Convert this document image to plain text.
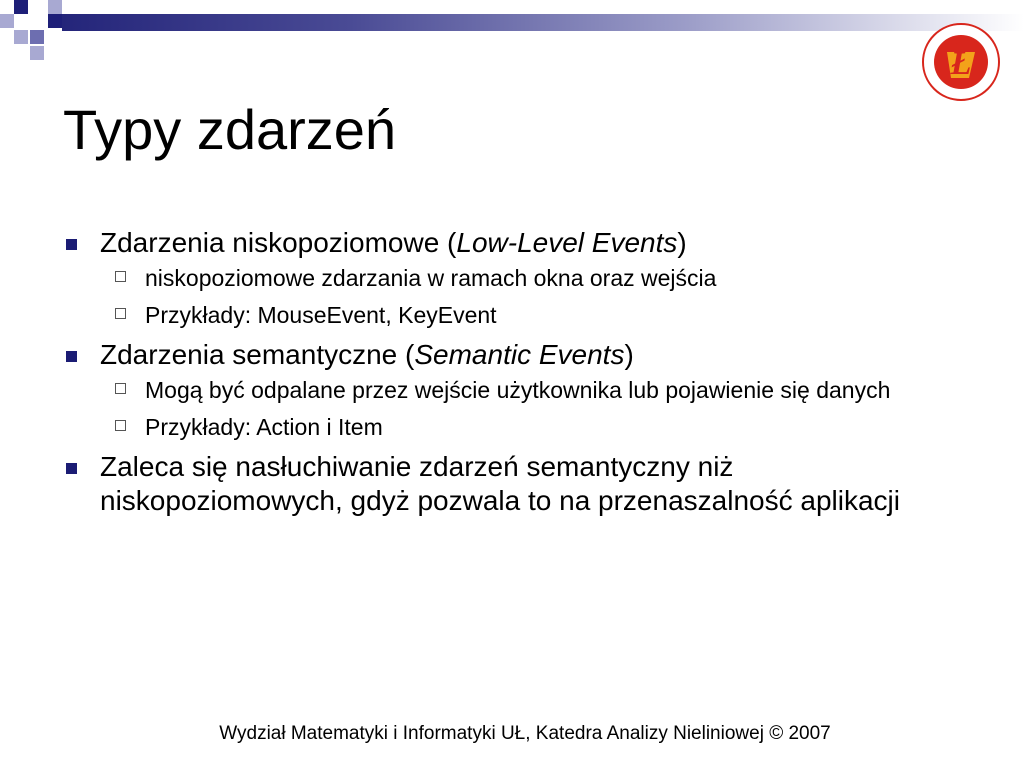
Ł
Typy zdarzeń
Zdarzenia niskopoziomowe (Low-Level Events)
niskopoziomowe zdarzania w ramach okna oraz wejścia
Przykłady: MouseEvent, KeyEvent
Zdarzenia semantyczne (Semantic Events)
Mogą być odpalane przez wejście użytkownika lub pojawienie się danych
Przykłady: Action i Item
Zaleca się nasłuchiwanie zdarzeń semantyczny niż niskopoziomowych, gdyż pozwala to na przenaszalność aplikacji
Wydział Matematyki i Informatyki UŁ, Katedra Analizy Nieliniowej © 2007
